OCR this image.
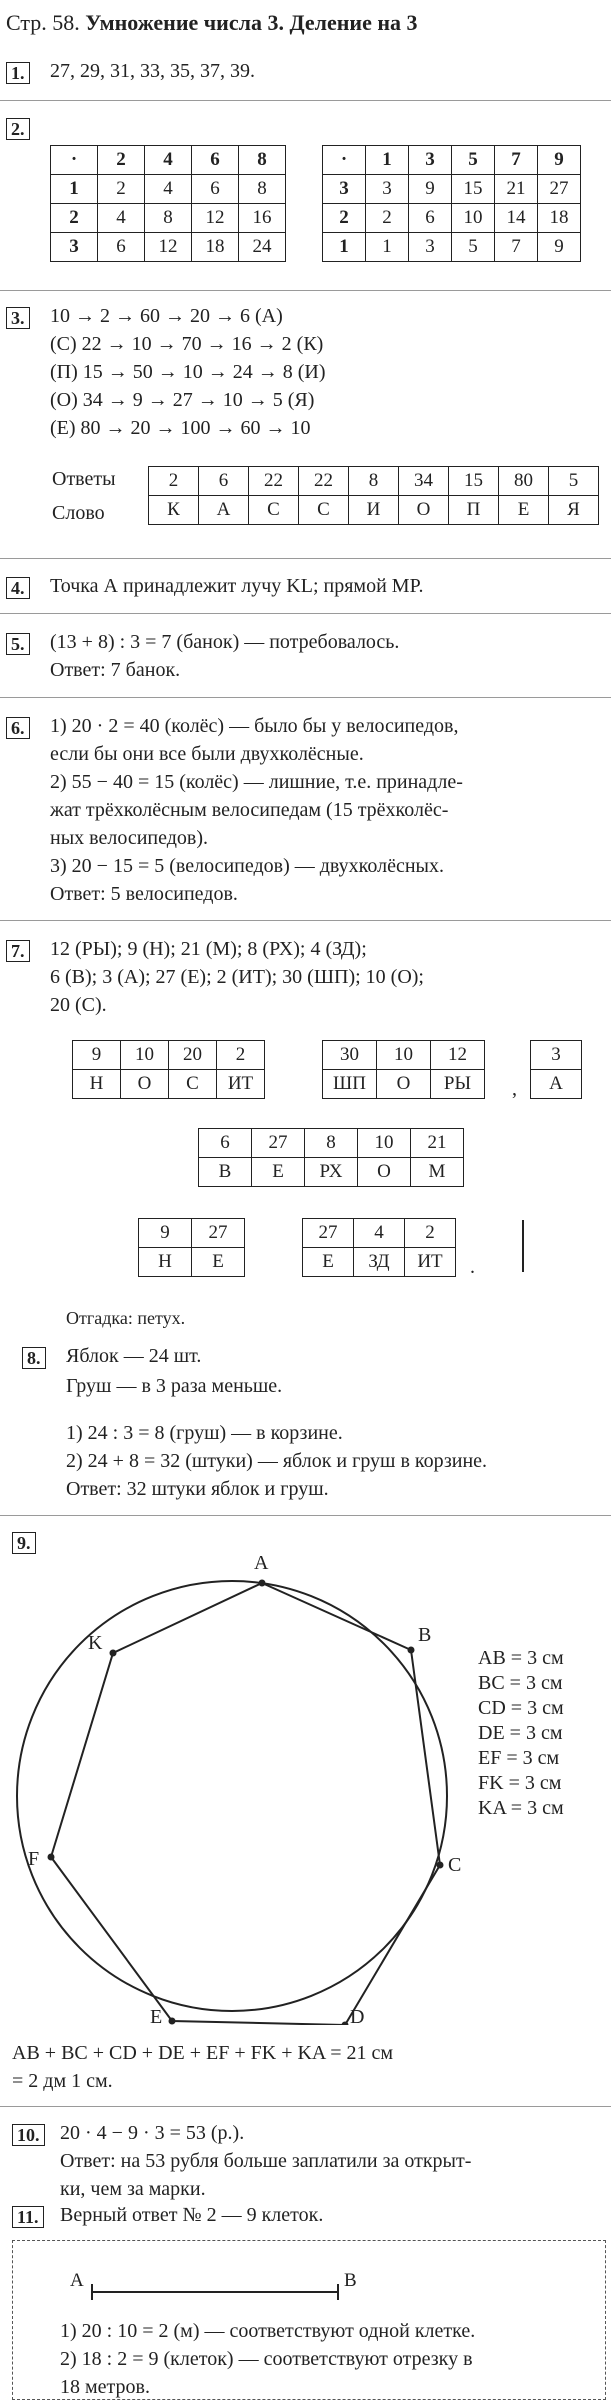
Стр. 58. Умножение числа 3. Деление на 3
1. 27, 29, 31, 33, 35, 37, 39.
2.
·	2	4	6	8
1	2	4	6	8
2	4	8	12	16
3	6	12	18	24
·	1	3	5	7	9
3	3	9	15	21	27
2	2	6	10	14	18
1	1	3	5	7	9
3. 10 → 2 → 60 → 20 → 6 (А)
(С) 22 → 10 → 70 → 16 → 2 (К)
(П) 15 → 50 → 10 → 24 → 8 (И)
(О) 34 → 9 → 27 → 10 → 5 (Я)
(Е) 80 → 20 → 100 → 60 → 10
Ответы
Слово
2	6	22	22	8	34	15	80	5
К	А	С	С	И	О	П	Е	Я
4. Точка А принадлежит лучу KL; прямой MP.
5. (13 + 8) : 3 = 7 (банок) — потребовалось.
Ответ: 7 банок.
6. 1) 20 · 2 = 40 (колёс) — было бы у велосипедов,
если бы они все были двухколёсные.
2) 55 − 40 = 15 (колёс) — лишние, т.е. принадле-
жат трёхколёсным велосипедам (15 трёхколёс-
ных велосипедов).
3) 20 − 15 = 5 (велосипедов) — двухколёсных.
Ответ: 5 велосипедов.
7. 12 (РЫ); 9 (Н); 21 (М); 8 (РХ); 4 (ЗД);
6 (В); 3 (А); 27 (Е); 2 (ИТ); 30 (ШП); 10 (О);
20 (С).
9	10	20	2
Н	О	С	ИТ
30	10	12
ШП	О	РЫ ,
3
А
6	27	8	10	21
В	Е	РХ	О	М
9	27
Н	Е
27	4	2
Е	ЗД	ИТ .
Отгадка: петух.
8. Яблок — 24 шт.
Груш — в 3 раза меньше.
1) 24 : 3 = 8 (груш) — в корзине.
2) 24 + 8 = 32 (штуки) — яблок и груш в корзине.
Ответ: 32 штуки яблок и груш.
9.
A
B
C
D
E
F
K
AB = 3 см
BC = 3 см
CD = 3 см
DE = 3 см
EF = 3 см
FK = 3 см
KA = 3 см
AB + BC + CD + DE + EF + FK + KA = 21 см
= 2 дм 1 см.
10. 20 · 4 − 9 · 3 = 53 (р.).
Ответ: на 53 рубля больше заплатили за открыт-
ки, чем за марки.
11. Верный ответ № 2 — 9 клеток.
A	B
1) 20 : 10 = 2 (м) — соответствуют одной клетке.
2) 18 : 2 = 9 (клеток) — соответствуют отрезку в
18 метров.
